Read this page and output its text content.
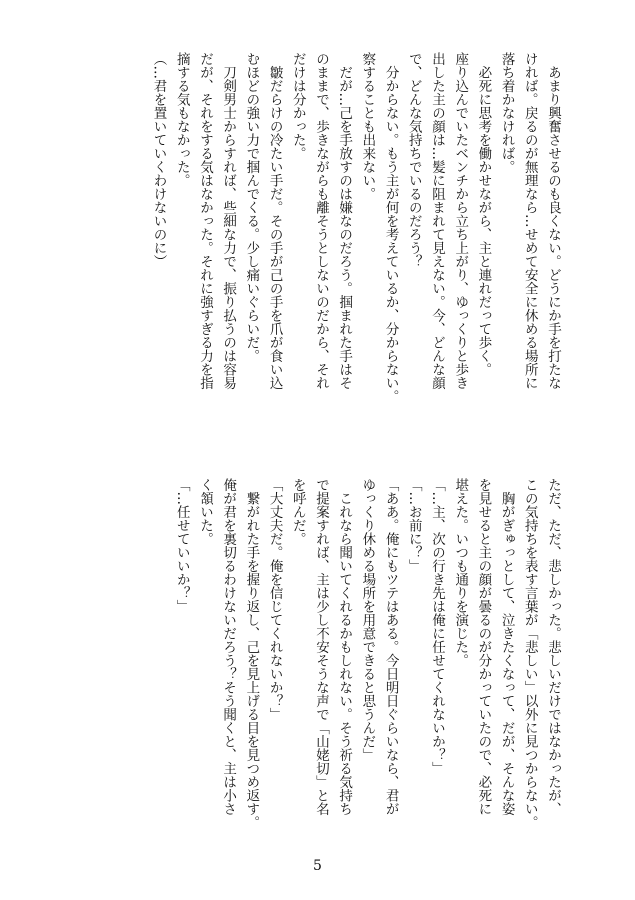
　あまり興奮させるのも良くない。どうにか手を打たな
ければ。戻るのが無理なら…せめて安全に休める場所に
落ち着かなければ。

　必死に思考を働かせながら、主と連れだって歩く。
座り込んでいたベンチから立ち上がり、ゆっくりと歩き
出した主の顔は…髪に阻まれて見えない。今、どんな顔
で、どんな気持ちでいるのだろう？

　分からない。もう主が何を考えているか、分からない。
察することも出来ない。

　だが…己を手放すのは嫌なのだろう。掴まれた手はそ
のままで、歩きながらも離そうとしないのだから、それ
だけは分かった。

　皺だらけの冷たい手だ。その手が己の手を爪が食い込
むほどの強い力で掴んでくる。少し痛いぐらいだ。

　刀剣男士からすれば、些細な力で、振り払うのは容易
だが、それをする気はなかった。それに強すぎる力を指
摘する気もなかった。

（…君を置いていくわけないのに）

ただ、ただ、悲しかった。悲しいだけではなかったが、
この気持ちを表す言葉が「悲しい」以外に見つからない。

　胸がぎゅっとして、泣きたくなって、だが、そんな姿
を見せると主の顔が曇るのが分かっていたので、必死に
堪えた。いつも通りを演じた。

「…主、次の行き先は俺に任せてくれないか？」
「…お前に？」
「ああ。俺にもツテはある。今日明日ぐらいなら、君が
ゆっくり休める場所を用意できると思うんだ」

　これなら聞いてくれるかもしれない。そう祈る気持ち
で提案すれば、主は少し不安そうな声で「山姥切」と名
を呼んだ。

「大丈夫だ。俺を信じてくれないか？」

　繋がれた手を握り返し、己を見上げる目を見つめ返す。
俺が君を裏切るわけないだろう？そう聞くと、主は小さ
く頷いた。

「…任せていいか？」

5
